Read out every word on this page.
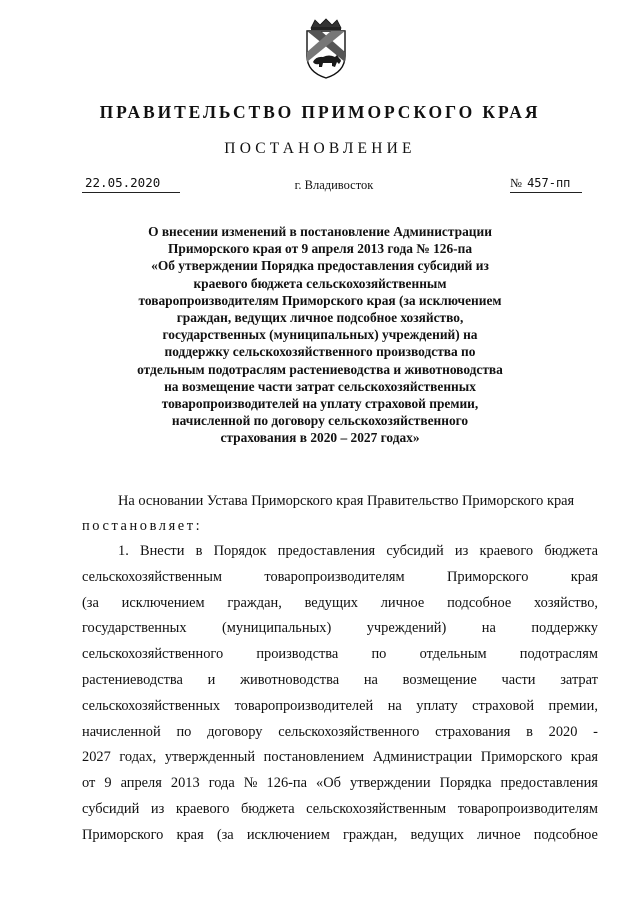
ПРАВИТЕЛЬСТВО ПРИМОРСКОГО КРАЯ
ПОСТАНОВЛЕНИЕ
22.05.2020	г. Владивосток	№ 457-пп
О внесении изменений в постановление Администрации
Приморского края от 9 апреля 2013 года № 126-па
«Об утверждении Порядка предоставления субсидий из
краевого бюджета сельскохозяйственным
товаропроизводителям Приморского края (за исключением
граждан, ведущих личное подсобное хозяйство,
государственных (муниципальных) учреждений) на
поддержку сельскохозяйственного производства по
отдельным подотраслям растениеводства и животноводства
на возмещение части затрат сельскохозяйственных
товаропроизводителей на уплату страховой премии,
начисленной по договору сельскохозяйственного
страхования в 2020 – 2027 годах»
На основании Устава Приморского края Правительство Приморского края
постановляет:
1. Внести в Порядок предоставления субсидий из краевого бюджета
сельскохозяйственным	товаропроизводителям	Приморского	края
(за исключением граждан, ведущих личное подсобное хозяйство,
государственных (муниципальных) учреждений) на поддержку
сельскохозяйственного производства по отдельным подотраслям
растениеводства и животноводства на возмещение части затрат
сельскохозяйственных товаропроизводителей на уплату страховой премии,
начисленной по договору сельскохозяйственного страхования в 2020 -
2027 годах, утвержденный постановлением Администрации Приморского края
от 9 апреля 2013 года № 126-па «Об утверждении Порядка предоставления
субсидий из краевого бюджета сельскохозяйственным товаропроизводителям
Приморского края (за исключением граждан, ведущих личное подсобное
